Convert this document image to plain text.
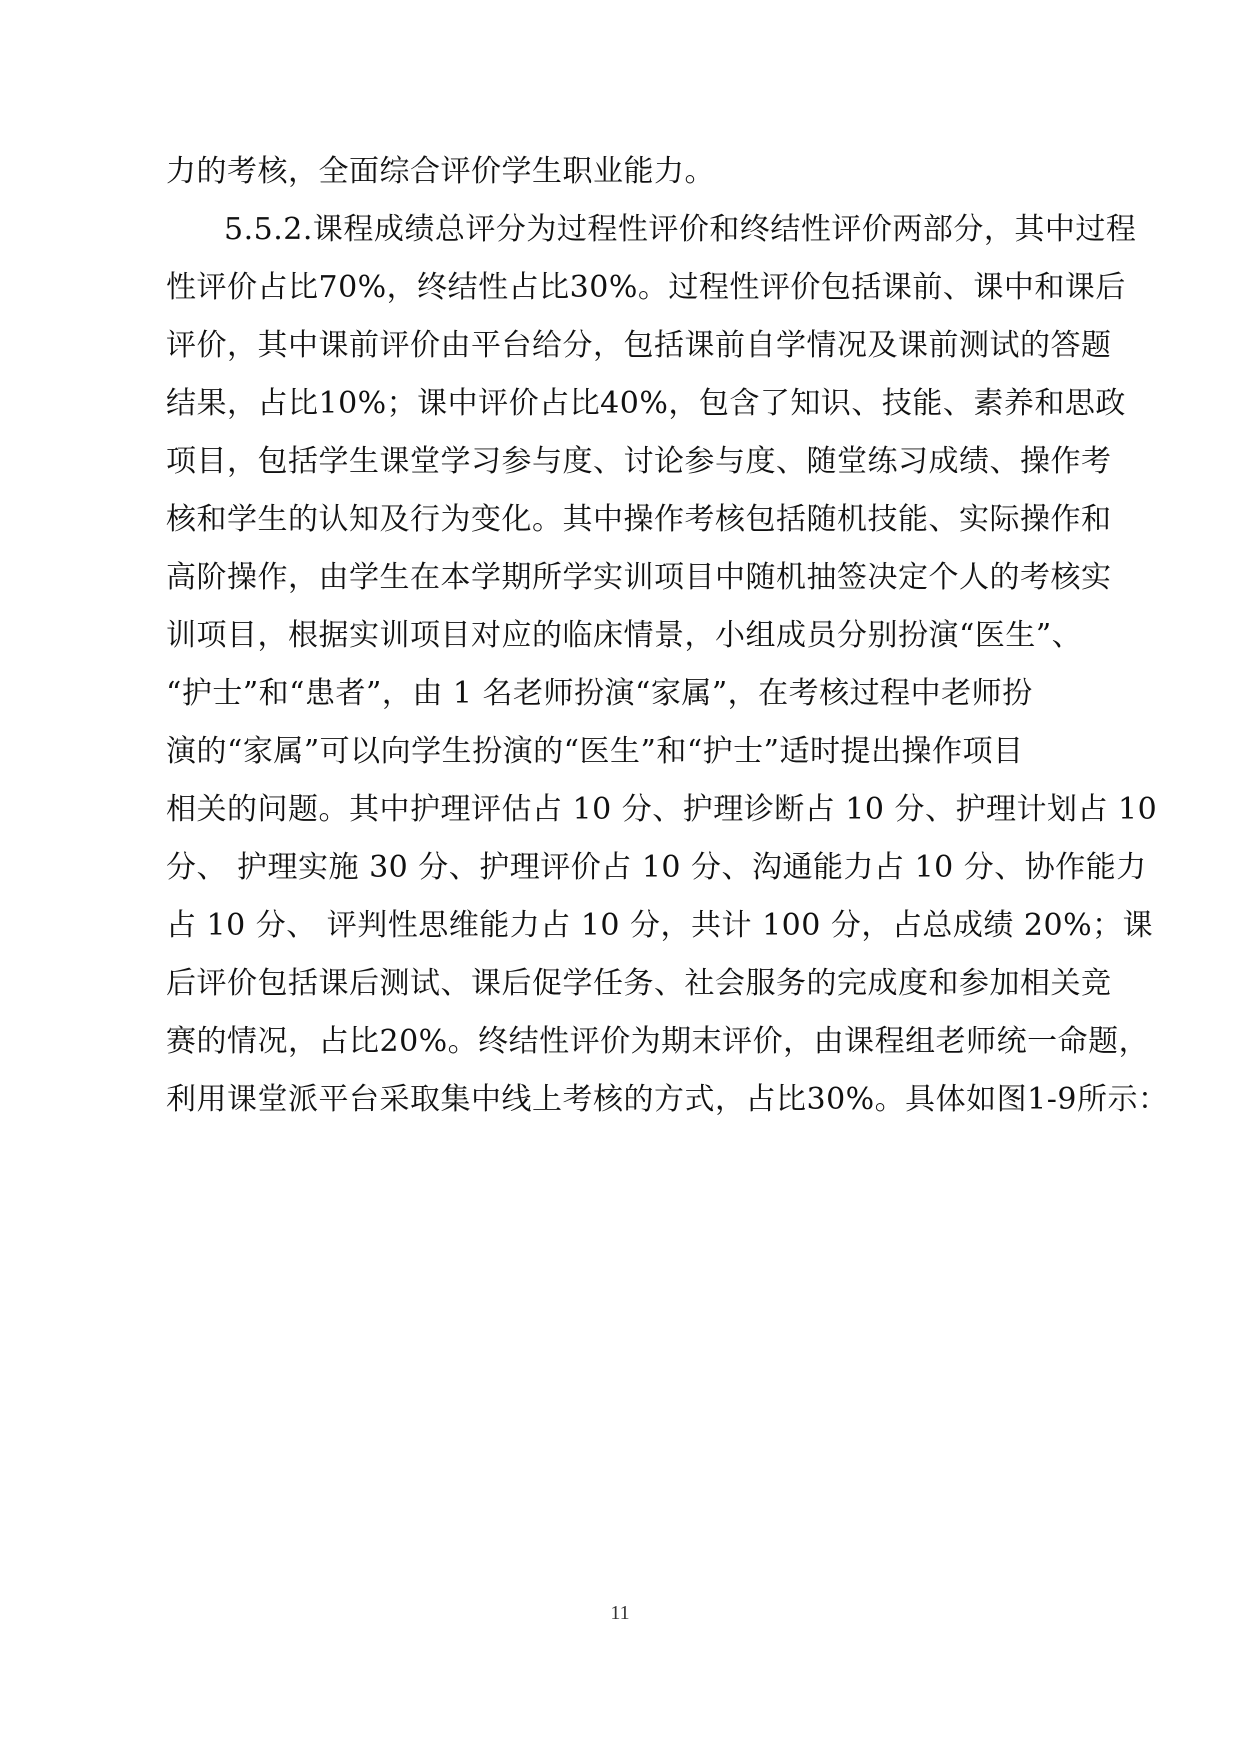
力的考核，全面综合评价学生职业能力。
5.5.2.课程成绩总评分为过程性评价和终结性评价两部分，其中过程
性评价占比70%，终结性占比30%。过程性评价包括课前、课中和课后
评价，其中课前评价由平台给分，包括课前自学情况及课前测试的答题
结果，占比10%；课中评价占比40%，包含了知识、技能、素养和思政
项目，包括学生课堂学习参与度、讨论参与度、随堂练习成绩、操作考
核和学生的认知及行为变化。其中操作考核包括随机技能、实际操作和
高阶操作，由学生在本学期所学实训项目中随机抽签决定个人的考核实
训项目，根据实训项目对应的临床情景，小组成员分别扮演“医生”、
“护士”和“患者”，由 1 名老师扮演“家属”，在考核过程中老师扮
演的“家属”可以向学生扮演的“医生”和“护士”适时提出操作项目
相关的问题。其中护理评估占 10 分、护理诊断占 10 分、护理计划占 10
分、 护理实施 30 分、护理评价占 10 分、沟通能力占 10 分、协作能力
占 10 分、 评判性思维能力占 10 分，共计 100 分，占总成绩 20%；课
后评价包括课后测试、课后促学任务、社会服务的完成度和参加相关竞
赛的情况，占比20%。终结性评价为期末评价，由课程组老师统一命题，
利用课堂派平台采取集中线上考核的方式，占比30%。具体如图1-9所示：
11
